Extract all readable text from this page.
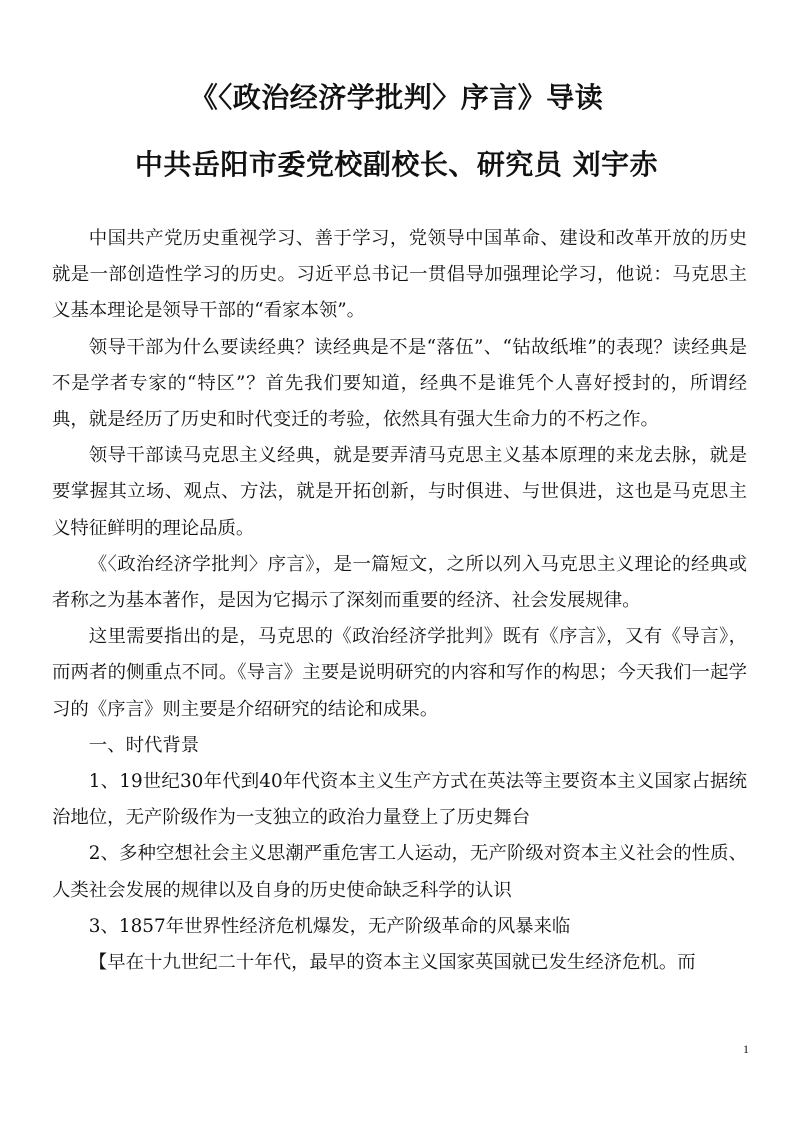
《〈政治经济学批判〉序言》导读
中共岳阳市委党校副校长、研究员 刘宇赤

中国共产党历史重视学习、善于学习，党领导中国革命、建设和改革开放的历史就是一部创造性学习的历史。习近平总书记一贯倡导加强理论学习，他说：马克思主义基本理论是领导干部的“看家本领”。

领导干部为什么要读经典？读经典是不是“落伍”、“钻故纸堆”的表现？读经典是不是学者专家的“特区”？首先我们要知道，经典不是谁凭个人喜好授封的，所谓经典，就是经历了历史和时代变迁的考验，依然具有强大生命力的不朽之作。

领导干部读马克思主义经典，就是要弄清马克思主义基本原理的来龙去脉，就是要掌握其立场、观点、方法，就是开拓创新，与时俱进、与世俱进，这也是马克思主义特征鲜明的理论品质。

《〈政治经济学批判〉序言》，是一篇短文，之所以列入马克思主义理论的经典或者称之为基本著作，是因为它揭示了深刻而重要的经济、社会发展规律。

这里需要指出的是，马克思的《政治经济学批判》既有《序言》，又有《导言》，而两者的侧重点不同。《导言》主要是说明研究的内容和写作的构思；今天我们一起学习的《序言》则主要是介绍研究的结论和成果。

一、时代背景

1、19世纪30年代到40年代资本主义生产方式在英法等主要资本主义国家占据统治地位，无产阶级作为一支独立的政治力量登上了历史舞台

2、多种空想社会主义思潮严重危害工人运动，无产阶级对资本主义社会的性质、人类社会发展的规律以及自身的历史使命缺乏科学的认识

3、1857年世界性经济危机爆发，无产阶级革命的风暴来临

【早在十九世纪二十年代，最早的资本主义国家英国就已发生经济危机。而

1
